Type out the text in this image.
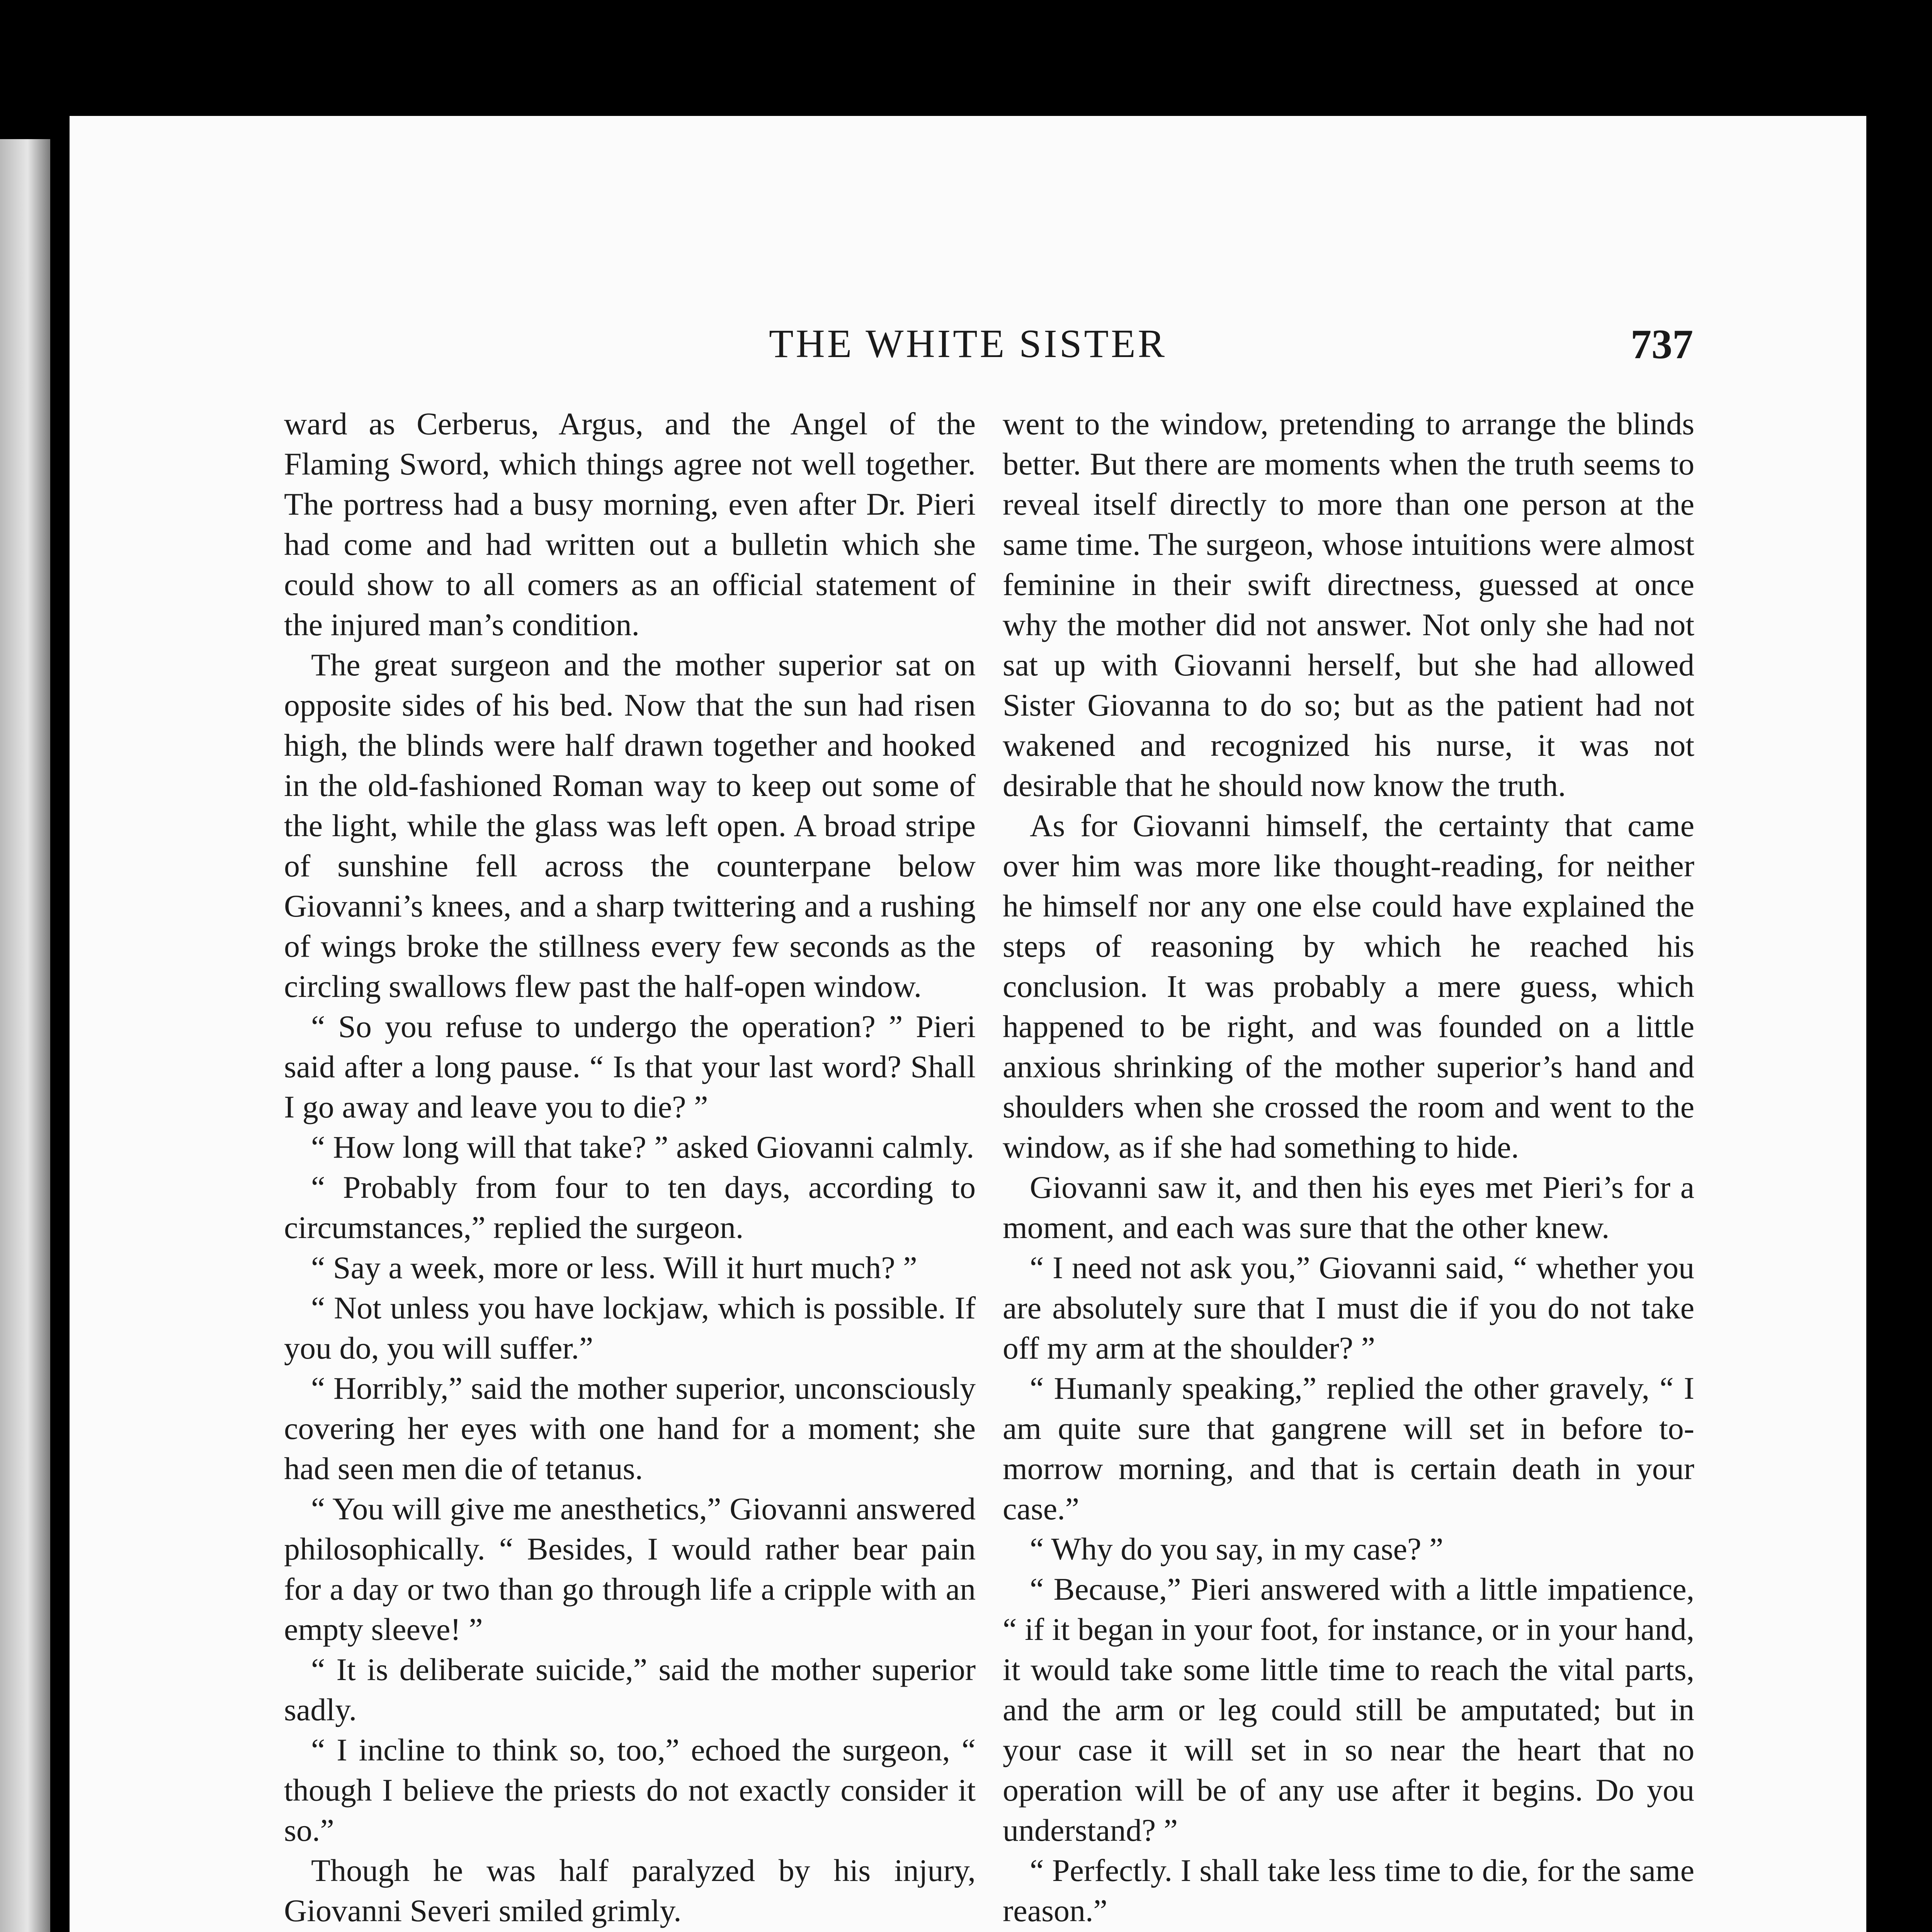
THE WHITE SISTER	737

ward as Cerberus, Argus, and the Angel of the Flaming Sword, which things agree not well together. The portress had a busy morning, even after Dr. Pieri had come and had written out a bulletin which she could show to all comers as an official statement of the injured man’s condition.

The great surgeon and the mother superior sat on opposite sides of his bed. Now that the sun had risen high, the blinds were half drawn together and hooked in the old-fashioned Roman way to keep out some of the light, while the glass was left open. A broad stripe of sunshine fell across the counterpane below Giovanni’s knees, and a sharp twittering and a rushing of wings broke the stillness every few seconds as the circling swallows flew past the half-open window.

“ So you refuse to undergo the operation? ” Pieri said after a long pause. “ Is that your last word? Shall I go away and leave you to die? ”

“ How long will that take? ” asked Giovanni calmly.

“ Probably from four to ten days, according to circumstances,” replied the surgeon.

“ Say a week, more or less. Will it hurt much? ”

“ Not unless you have lockjaw, which is possible. If you do, you will suffer.”

“ Horribly,” said the mother superior, unconsciously covering her eyes with one hand for a moment; she had seen men die of tetanus.

“ You will give me anesthetics,” Giovanni answered philosophically. “ Besides, I would rather bear pain for a day or two than go through life a cripple with an empty sleeve! ”

“ It is deliberate suicide,” said the mother superior sadly.

“ I incline to think so, too,” echoed the surgeon, “ though I believe the priests do not exactly consider it so.”

Though he was half paralyzed by his injury, Giovanni Severi smiled grimly.

went to the window, pretending to arrange the blinds better. But there are moments when the truth seems to reveal itself directly to more than one person at the same time. The surgeon, whose intuitions were almost feminine in their swift directness, guessed at once why the mother did not answer. Not only she had not sat up with Giovanni herself, but she had allowed Sister Giovanna to do so; but as the patient had not wakened and recognized his nurse, it was not desirable that he should now know the truth.

As for Giovanni himself, the certainty that came over him was more like thought-reading, for neither he himself nor any one else could have explained the steps of reasoning by which he reached his conclusion. It was probably a mere guess, which happened to be right, and was founded on a little anxious shrinking of the mother superior’s hand and shoulders when she crossed the room and went to the window, as if she had something to hide.

Giovanni saw it, and then his eyes met Pieri’s for a moment, and each was sure that the other knew.

“ I need not ask you,” Giovanni said, “ whether you are absolutely sure that I must die if you do not take off my arm at the shoulder? ”

“ Humanly speaking,” replied the other gravely, “ I am quite sure that gangrene will set in before to-morrow morning, and that is certain death in your case.”

“ Why do you say, in my case? ”

“ Because,” Pieri answered with a little impatience, “ if it began in your foot, for instance, or in your hand, it would take some little time to reach the vital parts, and the arm or leg could still be amputated; but in your case it will set in so near the heart that no operation will be of any use after it begins. Do you understand? ”

“ Perfectly. I shall take less time to die, for the same reason.”
